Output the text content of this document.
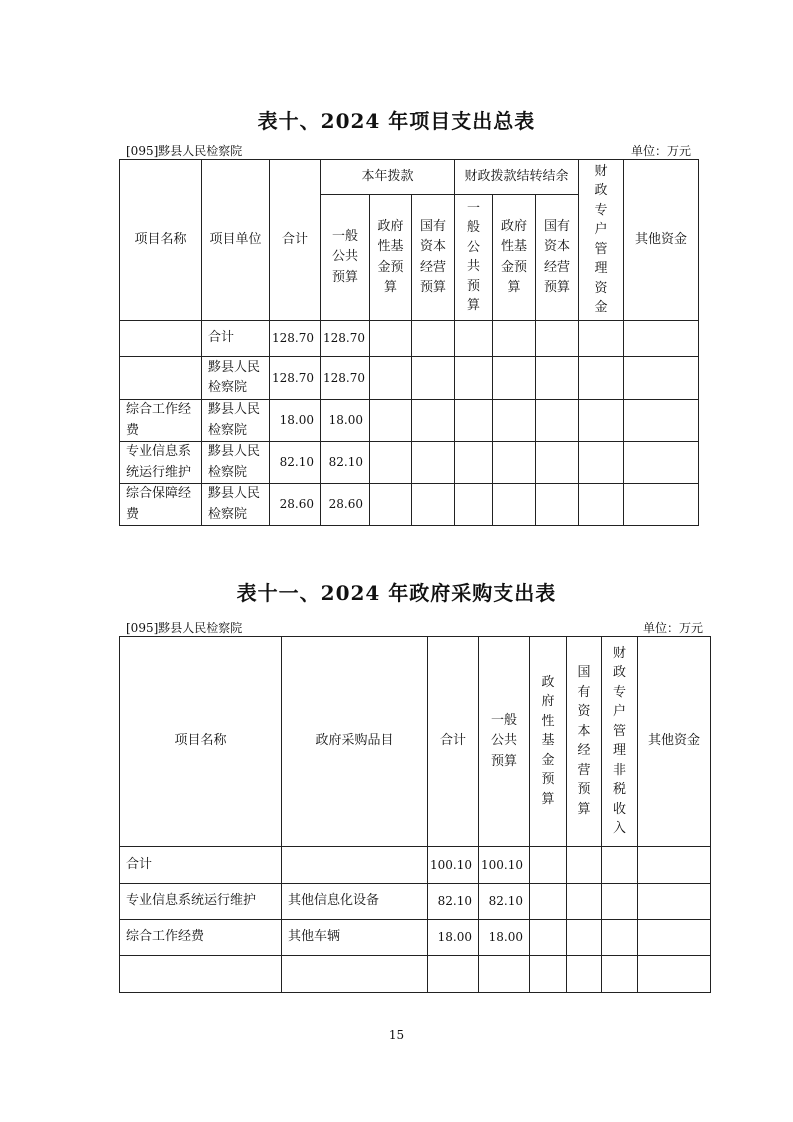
表十、2024 年项目支出总表
[095]黟县人民检察院	单位：万元
项目名称	项目单位	合计	本年拨款			财政拨款结转结余			财政专户管理资金	其他资金
			一般公共预算	政府性基金预算	国有资本经营预算	一般公共预算	政府性基金预算	国有资本经营预算		
	合计	128.70	128.70							
	黟县人民检察院	128.70	128.70							
综合工作经费	黟县人民检察院	18.00	18.00							
专业信息系统运行维护	黟县人民检察院	82.10	82.10							
综合保障经费	黟县人民检察院	28.60	28.60							
表十一、2024 年政府采购支出表
[095]黟县人民检察院	单位：万元
项目名称	政府采购品目	合计	一般公共预算	政府性基金预算	国有资本经营预算	财政专户管理非税收入	其他资金
合计		100.10	100.10				
专业信息系统运行维护	其他信息化设备	82.10	82.10				
综合工作经费	其他车辆	18.00	18.00				

15
